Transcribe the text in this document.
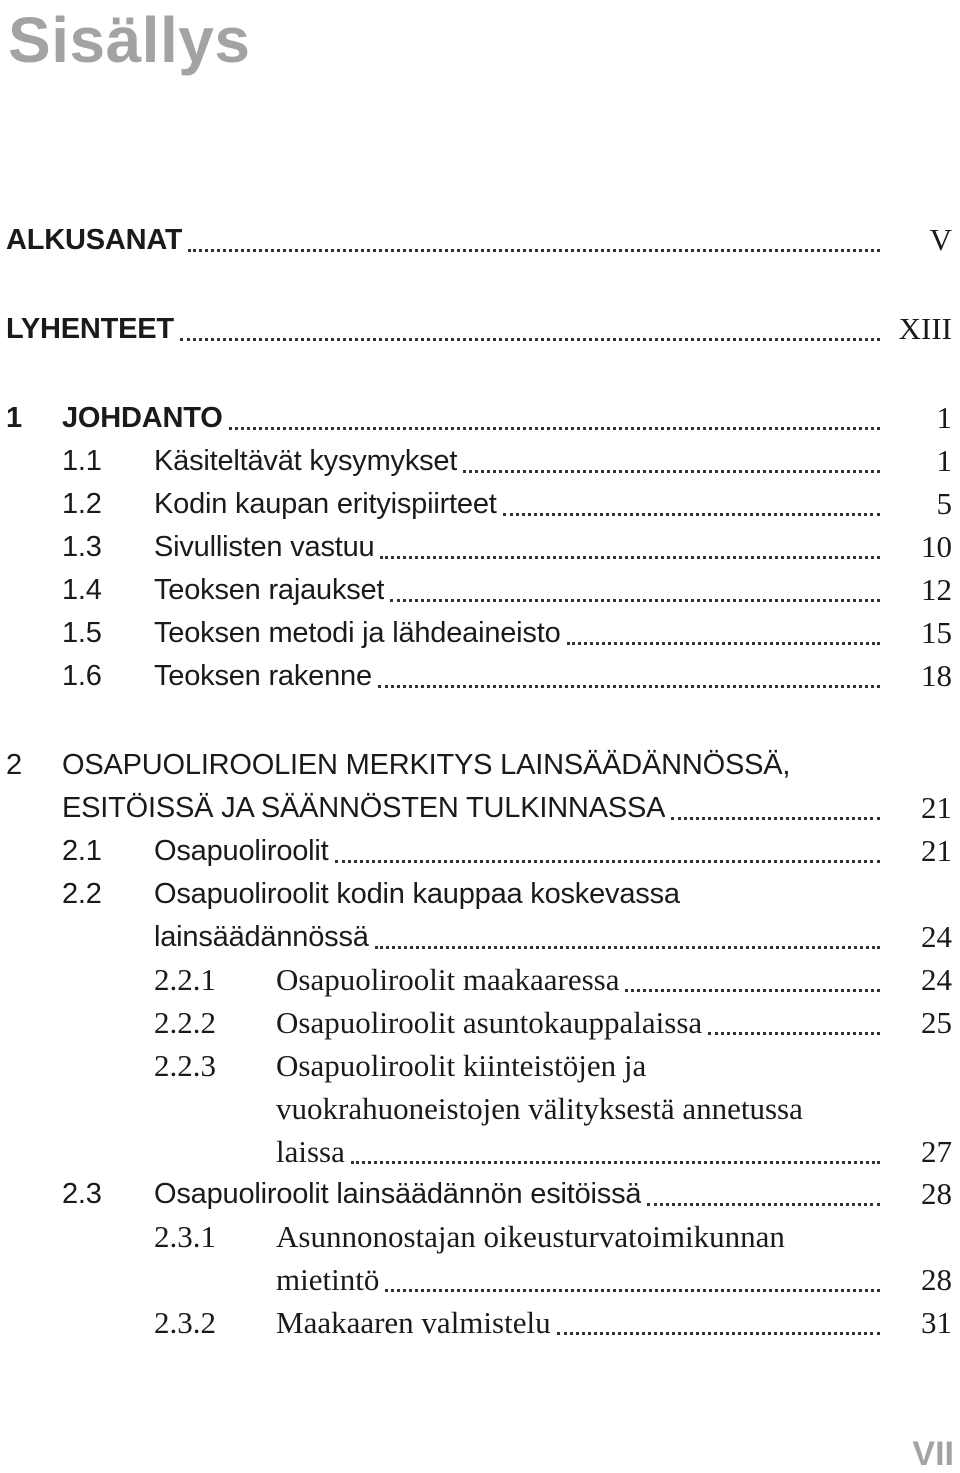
Sisällys
ALKUSANAT	V
LYHENTEET	XIII
1 JOHDANTO	1
1.1 Käsiteltävät kysymykset	1
1.2 Kodin kaupan erityispiirteet	5
1.3 Sivullisten vastuu	10
1.4 Teoksen rajaukset	12
1.5 Teoksen metodi ja lähdeaineisto	15
1.6 Teoksen rakenne	18
2 OSAPUOLIROOLIEN MERKITYS LAINSÄÄDÄNNÖSSÄ,
ESITÖISSÄ JA SÄÄNNÖSTEN TULKINNASSA	21
2.1 Osapuoliroolit	21
2.2 Osapuoliroolit kodin kauppaa koskevassa
lainsäädännössä	24
2.2.1 Osapuoliroolit maakaaressa	24
2.2.2 Osapuoliroolit asuntokauppalaissa	25
2.2.3 Osapuoliroolit kiinteistöjen ja
vuokrahuoneistojen välityksestä annetussa
laissa	27
2.3 Osapuoliroolit lainsäädännön esitöissä	28
2.3.1 Asunnonostajan oikeusturvatoimikunnan
mietintö	28
2.3.2 Maakaaren valmistelu	31
VII
